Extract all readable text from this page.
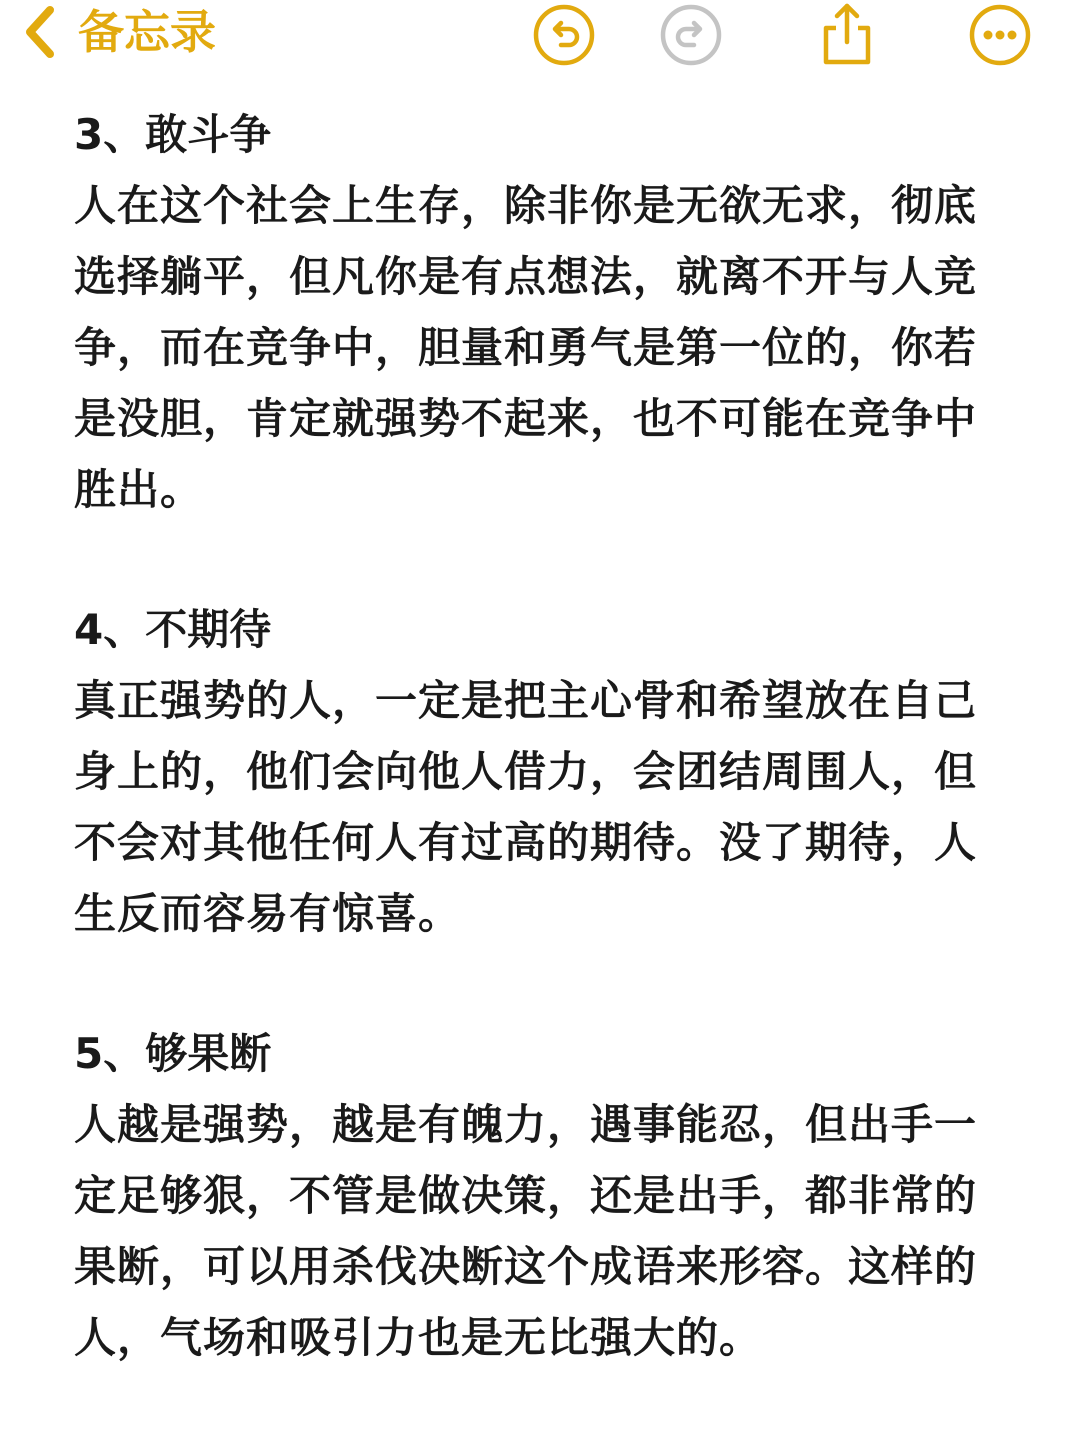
备忘录
3、敢斗争

人在这个社会上生存，除非你是无欲无求，彻底选择躺平，但凡你是有点想法，就离不开与人竞争，而在竞争中，胆量和勇气是第一位的，你若是没胆，肯定就强势不起来，也不可能在竞争中胜出。

4、不期待

真正强势的人，一定是把主心骨和希望放在自己身上的，他们会向他人借力，会团结周围人，但不会对其他任何人有过高的期待。没了期待，人生反而容易有惊喜。

5、够果断

人越是强势，越是有魄力，遇事能忍，但出手一定足够狠，不管是做决策，还是出手，都非常的果断，可以用杀伐决断这个成语来形容。这样的人，气场和吸引力也是无比强大的。
